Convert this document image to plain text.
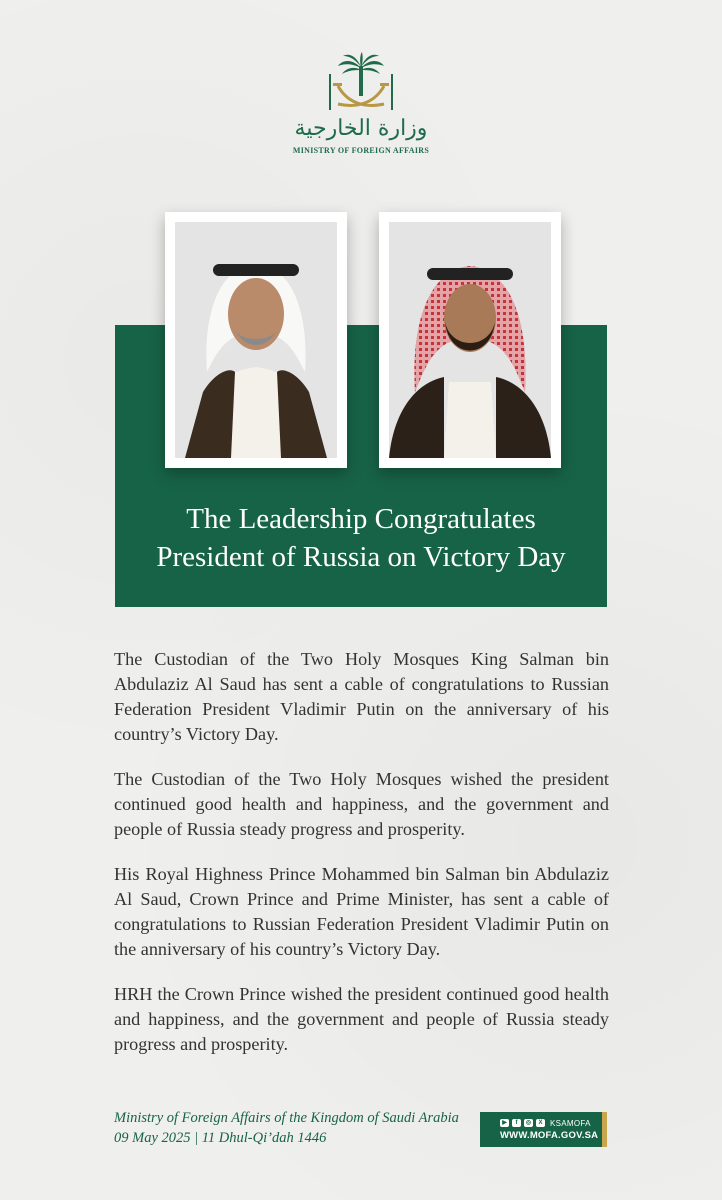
وزارة الخارجية
MINISTRY OF FOREIGN AFFAIRS
The Leadership Congratulates
President of Russia on Victory Day

The Custodian of the Two Holy Mosques King Salman bin Abdulaziz Al Saud has sent a cable of congratulations to Russian Federation President Vladimir Putin on the anniversary of his country’s Victory Day.

The Custodian of the Two Holy Mosques wished the president continued good health and happiness, and the government and people of Russia steady progress and prosperity.

His Royal Highness Prince Mohammed bin Salman bin Abdulaziz Al Saud, Crown Prince and Prime Minister, has sent a cable of congratulations to Russian Federation President Vladimir Putin on the anniversary of his country’s Victory Day.

HRH the Crown Prince wished the president continued good health and happiness, and the government and people of Russia steady progress and prosperity.

Ministry of Foreign Affairs of the Kingdom of Saudi Arabia
09 May 2025 | 11 Dhul-Qi’dah 1446
▶	f	◎	X KSAMOFA
WWW.MOFA.GOV.SA
